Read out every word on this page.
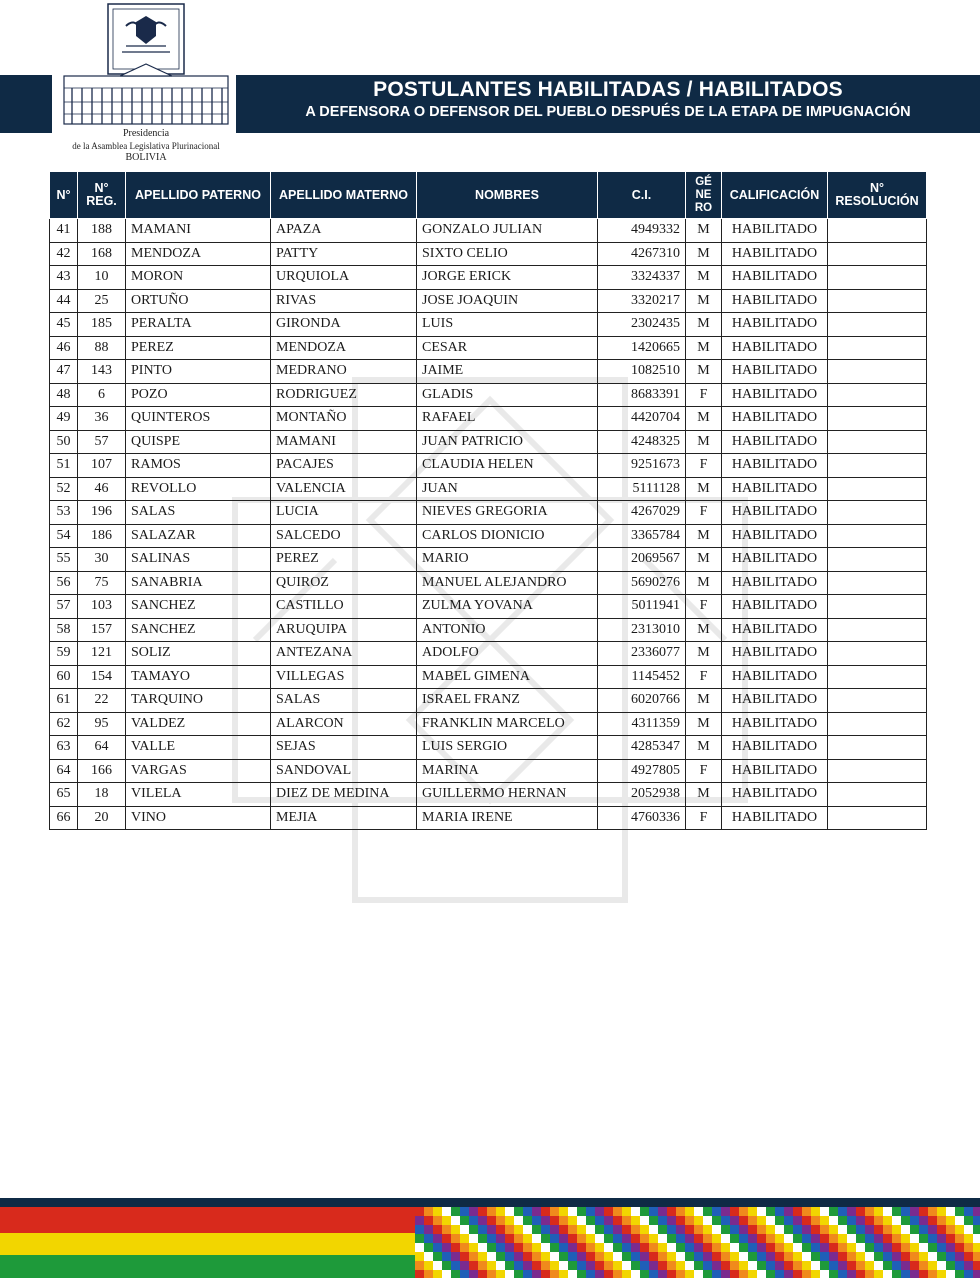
POSTULANTES HABILITADAS / HABILITADOS
A DEFENSORA O DEFENSOR DEL PUEBLO DESPUÉS DE LA ETAPA DE IMPUGNACIÓN
Presidencia
de la Asamblea Legislativa Plurinacional
BOLIVIA
N°	N° REG.	APELLIDO PATERNO	APELLIDO MATERNO	NOMBRES	C.I.	GÉ NE RO	CALIFICACIÓN	N° RESOLUCIÓN
41	188	MAMANI	APAZA	GONZALO JULIAN	4949332	M	HABILITADO	
42	168	MENDOZA	PATTY	SIXTO CELIO	4267310	M	HABILITADO	
43	10	MORON	URQUIOLA	JORGE ERICK	3324337	M	HABILITADO	
44	25	ORTUÑO	RIVAS	JOSE JOAQUIN	3320217	M	HABILITADO	
45	185	PERALTA	GIRONDA	LUIS	2302435	M	HABILITADO	
46	88	PEREZ	MENDOZA	CESAR	1420665	M	HABILITADO	
47	143	PINTO	MEDRANO	JAIME	1082510	M	HABILITADO	
48	6	POZO	RODRIGUEZ	GLADIS	8683391	F	HABILITADO	
49	36	QUINTEROS	MONTAÑO	RAFAEL	4420704	M	HABILITADO	
50	57	QUISPE	MAMANI	JUAN PATRICIO	4248325	M	HABILITADO	
51	107	RAMOS	PACAJES	CLAUDIA HELEN	9251673	F	HABILITADO	
52	46	REVOLLO	VALENCIA	JUAN	5111128	M	HABILITADO	
53	196	SALAS	LUCIA	NIEVES GREGORIA	4267029	F	HABILITADO	
54	186	SALAZAR	SALCEDO	CARLOS DIONICIO	3365784	M	HABILITADO	
55	30	SALINAS	PEREZ	MARIO	2069567	M	HABILITADO	
56	75	SANABRIA	QUIROZ	MANUEL ALEJANDRO	5690276	M	HABILITADO	
57	103	SANCHEZ	CASTILLO	ZULMA YOVANA	5011941	F	HABILITADO	
58	157	SANCHEZ	ARUQUIPA	ANTONIO	2313010	M	HABILITADO	
59	121	SOLIZ	ANTEZANA	ADOLFO	2336077	M	HABILITADO	
60	154	TAMAYO	VILLEGAS	MABEL GIMENA	1145452	F	HABILITADO	
61	22	TARQUINO	SALAS	ISRAEL FRANZ	6020766	M	HABILITADO	
62	95	VALDEZ	ALARCON	FRANKLIN MARCELO	4311359	M	HABILITADO	
63	64	VALLE	SEJAS	LUIS SERGIO	4285347	M	HABILITADO	
64	166	VARGAS	SANDOVAL	MARINA	4927805	F	HABILITADO	
65	18	VILELA	DIEZ DE MEDINA	GUILLERMO HERNAN	2052938	M	HABILITADO	
66	20	VINO	MEJIA	MARIA IRENE	4760336	F	HABILITADO	
